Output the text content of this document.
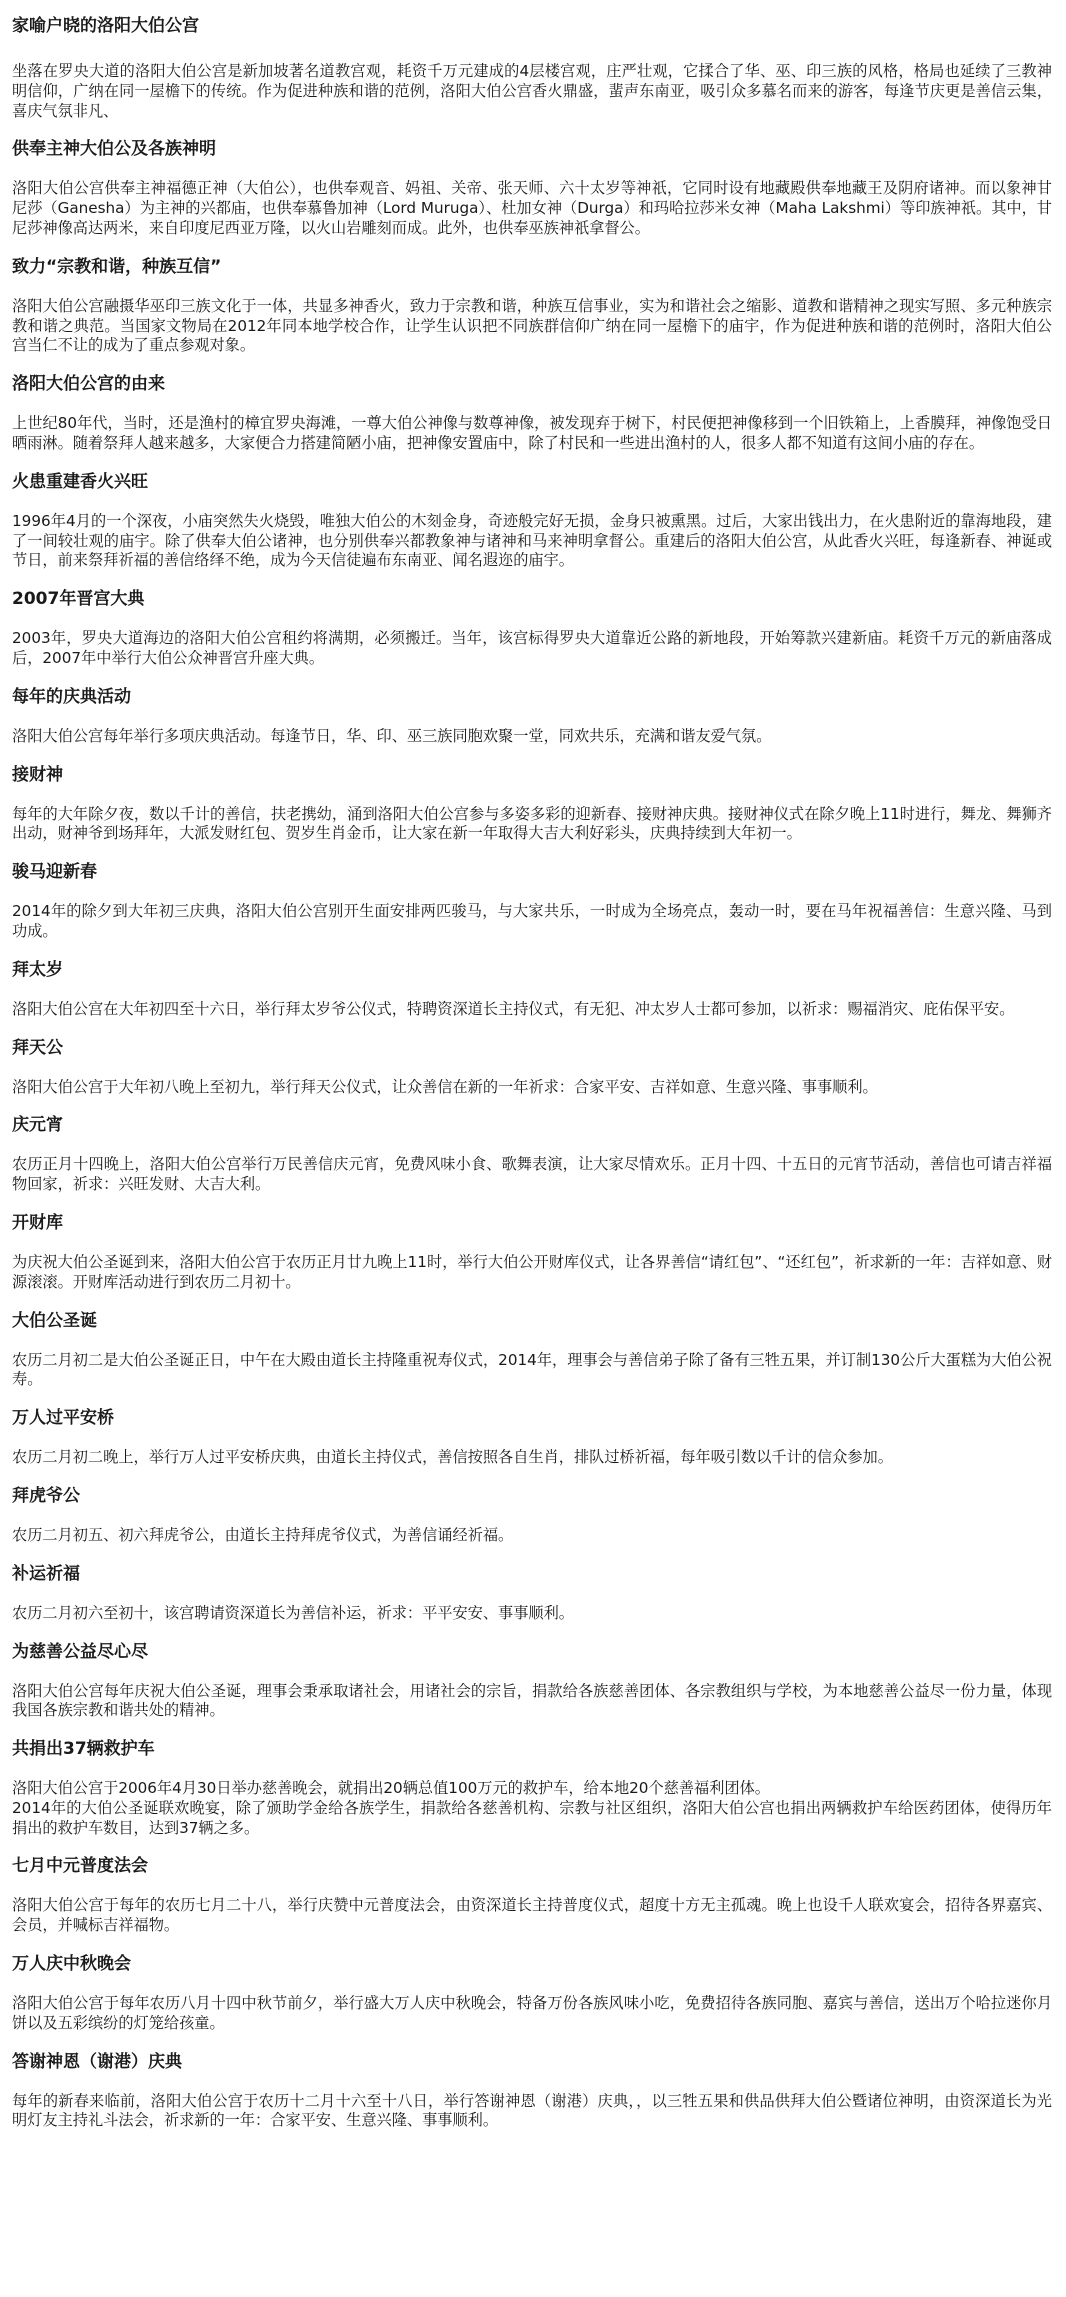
家喻户晓的洛阳大伯公宫
坐落在罗央大道的洛阳大伯公宫是新加坡著名道教宫观，耗资千万元建成的4层楼宫观，庄严壮观，它揉合了华、巫、印三族的风格，格局也延续了三教神明信仰，广纳在同一屋檐下的传统。作为促进种族和谐的范例，洛阳大伯公宫香火鼎盛，蜚声东南亚，吸引众多慕名而来的游客，每逢节庆更是善信云集，喜庆气氛非凡、
供奉主神大伯公及各族神明
洛阳大伯公宫供奉主神福德正神（大伯公），也供奉观音、妈祖、关帝、张天师、六十太岁等神祇，它同时设有地藏殿供奉地藏王及阴府诸神。而以象神甘尼莎（Ganesha）为主神的兴都庙，也供奉慕鲁加神（Lord Muruga）、杜加女神（Durga）和玛哈拉莎米女神（Maha Lakshmi）等印族神祇。其中，甘尼莎神像高达两米，来自印度尼西亚万隆，以火山岩雕刻而成。此外，也供奉巫族神祇拿督公。
致力“宗教和谐，种族互信”
洛阳大伯公宫融摄华巫印三族文化于一体，共显多神香火，致力于宗教和谐，种族互信事业，实为和谐社会之缩影、道教和谐精神之现实写照、多元种族宗教和谐之典范。当国家文物局在2012年同本地学校合作，让学生认识把不同族群信仰广纳在同一屋檐下的庙宇，作为促进种族和谐的范例时，洛阳大伯公宫当仁不让的成为了重点参观对象。
洛阳大伯公宫的由来
上世纪80年代，当时，还是渔村的樟宜罗央海滩，一尊大伯公神像与数尊神像，被发现弃于树下，村民便把神像移到一个旧铁箱上，上香膜拜，神像饱受日晒雨淋。随着祭拜人越来越多，大家便合力搭建简陋小庙，把神像安置庙中，除了村民和一些进出渔村的人，很多人都不知道有这间小庙的存在。
火患重建香火兴旺
1996年4月的一个深夜，小庙突然失火烧毁，唯独大伯公的木刻金身，奇迹般完好无损，金身只被熏黑。过后，大家出钱出力，在火患附近的靠海地段，建了一间较壮观的庙宇。除了供奉大伯公诸神，也分别供奉兴都教象神与诸神和马来神明拿督公。重建后的洛阳大伯公宫，从此香火兴旺，每逢新春、神诞或节日，前来祭拜祈福的善信络绎不绝，成为今天信徒遍布东南亚、闻名遐迩的庙宇。
2007年晋宫大典
2003年，罗央大道海边的洛阳大伯公宫租约将满期，必须搬迁。当年，该宫标得罗央大道靠近公路的新地段，开始筹款兴建新庙。耗资千万元的新庙落成后，2007年中举行大伯公众神晋宫升座大典。
每年的庆典活动
洛阳大伯公宫每年举行多项庆典活动。每逢节日，华、印、巫三族同胞欢聚一堂，同欢共乐，充满和谐友爱气氛。
接财神
每年的大年除夕夜，数以千计的善信，扶老携幼，涌到洛阳大伯公宫参与多姿多彩的迎新春、接财神庆典。接财神仪式在除夕晚上11时进行，舞龙、舞狮齐出动，财神爷到场拜年，大派发财红包、贺岁生肖金币，让大家在新一年取得大吉大利好彩头，庆典持续到大年初一。
骏马迎新春
2014年的除夕到大年初三庆典，洛阳大伯公宫别开生面安排两匹骏马，与大家共乐，一时成为全场亮点，轰动一时，要在马年祝福善信：生意兴隆、马到功成。
拜太岁
洛阳大伯公宫在大年初四至十六日，举行拜太岁爷公仪式，特聘资深道长主持仪式，有无犯、冲太岁人士都可参加，以祈求：赐福消灾、庇佑保平安。
拜天公
洛阳大伯公宫于大年初八晚上至初九，举行拜天公仪式，让众善信在新的一年祈求：合家平安、吉祥如意、生意兴隆、事事顺利。
庆元宵
农历正月十四晚上，洛阳大伯公宫举行万民善信庆元宵，免费风味小食、歌舞表演，让大家尽情欢乐。正月十四、十五日的元宵节活动，善信也可请吉祥福物回家，祈求：兴旺发财、大吉大利。
开财库
为庆祝大伯公圣诞到来，洛阳大伯公宫于农历正月廿九晚上11时，举行大伯公开财库仪式，让各界善信“请红包”、“还红包”，祈求新的一年：吉祥如意、财源滚滚。开财库活动进行到农历二月初十。
大伯公圣诞
农历二月初二是大伯公圣诞正日，中午在大殿由道长主持隆重祝寿仪式，2014年，理事会与善信弟子除了备有三牲五果，并订制130公斤大蛋糕为大伯公祝寿。
万人过平安桥
农历二月初二晚上，举行万人过平安桥庆典，由道长主持仪式，善信按照各自生肖，排队过桥祈福，每年吸引数以千计的信众参加。
拜虎爷公
农历二月初五、初六拜虎爷公，由道长主持拜虎爷仪式，为善信诵经祈福。
补运祈福
农历二月初六至初十，该宫聘请资深道长为善信补运，祈求：平平安安、事事顺利。
为慈善公益尽心尽
洛阳大伯公宫每年庆祝大伯公圣诞，理事会秉承取诸社会，用诸社会的宗旨，捐款给各族慈善团体、各宗教组织与学校，为本地慈善公益尽一份力量，体现我国各族宗教和谐共处的精神。
共捐出37辆救护车
洛阳大伯公宫于2006年4月30日举办慈善晚会，就捐出20辆总值100万元的救护车，给本地20个慈善福利团体。
2014年的大伯公圣诞联欢晚宴，除了颁助学金给各族学生，捐款给各慈善机构、宗教与社区组织，洛阳大伯公宫也捐出两辆救护车给医药团体，使得历年捐出的救护车数目，达到37辆之多。
七月中元普度法会
洛阳大伯公宫于每年的农历七月二十八，举行庆赞中元普度法会，由资深道长主持普度仪式，超度十方无主孤魂。晚上也设千人联欢宴会，招待各界嘉宾、会员，并喊标吉祥福物。
万人庆中秋晚会
洛阳大伯公宫于每年农历八月十四中秋节前夕，举行盛大万人庆中秋晚会，特备万份各族风味小吃，免费招待各族同胞、嘉宾与善信，送出万个哈拉迷你月饼以及五彩缤纷的灯笼给孩童。
答谢神恩（谢港）庆典
每年的新春来临前，洛阳大伯公宫于农历十二月十六至十八日，举行答谢神恩（谢港）庆典，，以三牲五果和供品供拜大伯公暨诸位神明，由资深道长为光明灯友主持礼斗法会，祈求新的一年：合家平安、生意兴隆、事事顺利。
